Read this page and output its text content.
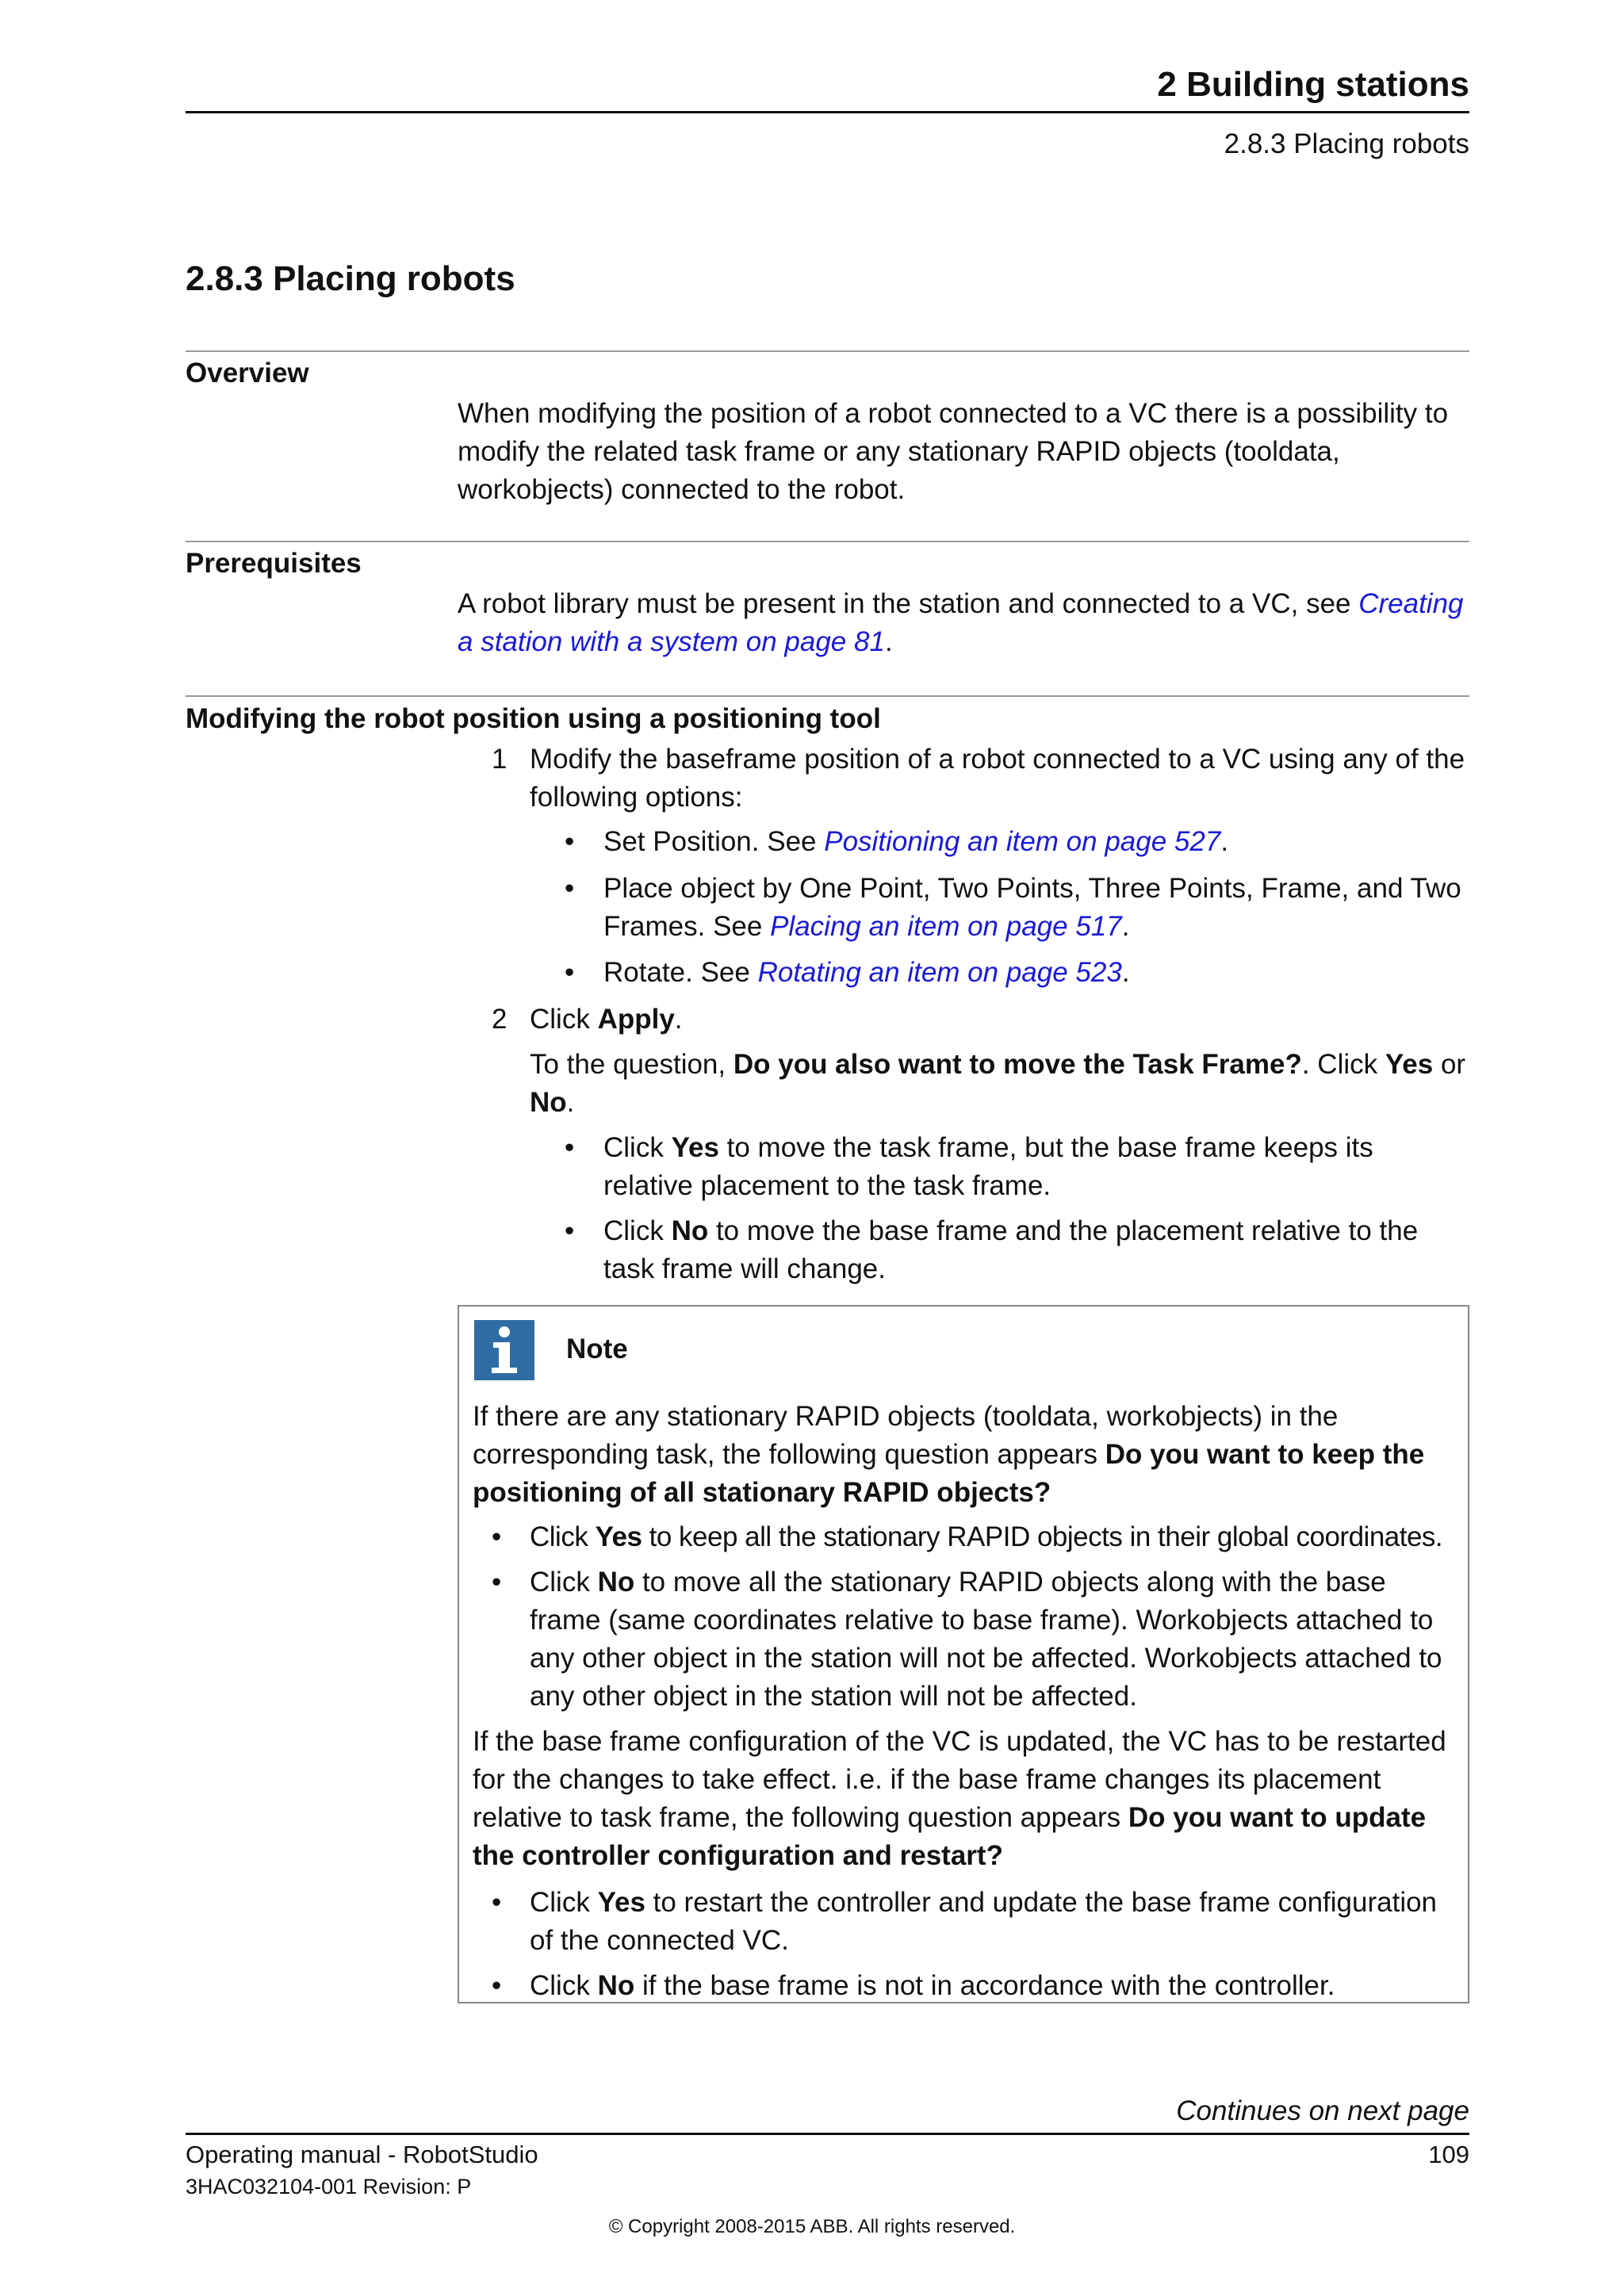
2 Building stations
2.8.3 Placing robots
2.8.3 Placing robots
Overview
When modifying the position of a robot connected to a VC there is a possibility to modify the related task frame or any stationary RAPID objects (tooldata, workobjects) connected to the robot.
Prerequisites
A robot library must be present in the station and connected to a VC, see Creating a station with a system on page 81.
Modifying the robot position using a positioning tool
1 Modify the baseframe position of a robot connected to a VC using any of the following options:
• Set Position. See Positioning an item on page 527.
• Place object by One Point, Two Points, Three Points, Frame, and Two Frames. See Placing an item on page 517.
• Rotate. See Rotating an item on page 523.
2 Click Apply.
To the question, Do you also want to move the Task Frame?. Click Yes or No.
• Click Yes to move the task frame, but the base frame keeps its relative placement to the task frame.
• Click No to move the base frame and the placement relative to the task frame will change.
Note
If there are any stationary RAPID objects (tooldata, workobjects) in the corresponding task, the following question appears Do you want to keep the positioning of all stationary RAPID objects?
• Click Yes to keep all the stationary RAPID objects in their global coordinates.
• Click No to move all the stationary RAPID objects along with the base frame (same coordinates relative to base frame). Workobjects attached to any other object in the station will not be affected. Workobjects attached to any other object in the station will not be affected.
If the base frame configuration of the VC is updated, the VC has to be restarted for the changes to take effect. i.e. if the base frame changes its placement relative to task frame, the following question appears Do you want to update the controller configuration and restart?
• Click Yes to restart the controller and update the base frame configuration of the connected VC.
• Click No if the base frame is not in accordance with the controller.
Continues on next page
Operating manual - RobotStudio	109
3HAC032104-001 Revision: P
© Copyright 2008-2015 ABB. All rights reserved.
